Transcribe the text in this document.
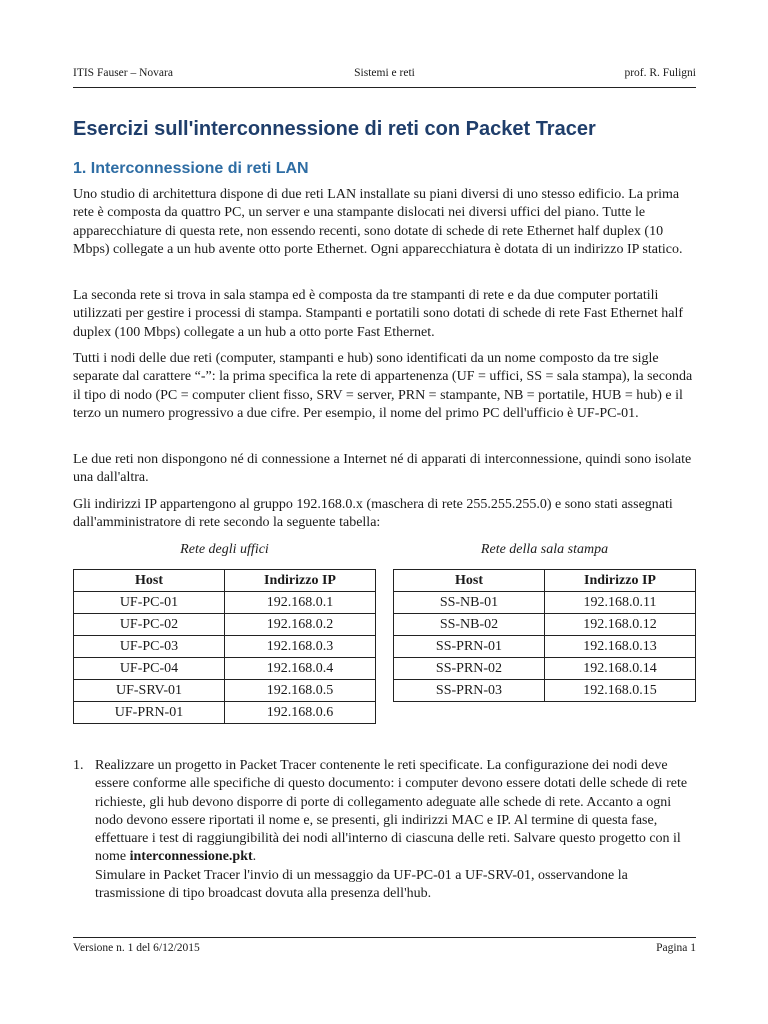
ITIS Fauser – Novara	Sistemi e reti	prof. R. Fuligni
Esercizi sull'interconnessione di reti con Packet Tracer
1. Interconnessione di reti LAN

Uno studio di architettura dispone di due reti LAN installate su piani diversi di uno stesso edificio. La prima rete è composta da quattro PC, un server e una stampante dislocati nei diversi uffici del piano. Tutte le apparecchiature di questa rete, non essendo recenti, sono dotate di schede di rete Ethernet half duplex (10 Mbps) collegate a un hub avente otto porte Ethernet. Ogni apparecchiatura è dotata di un indirizzo IP statico.

La seconda rete si trova in sala stampa ed è composta da tre stampanti di rete e da due computer portatili utilizzati per gestire i processi di stampa. Stampanti e portatili sono dotati di schede di rete Fast Ethernet half duplex (100 Mbps) collegate a un hub a otto porte Fast Ethernet.

Tutti i nodi delle due reti (computer, stampanti e hub) sono identificati da un nome composto da tre sigle separate dal carattere “-”: la prima specifica la rete di appartenenza (UF = uffici, SS = sala stampa), la seconda il tipo di nodo (PC = computer client fisso, SRV = server, PRN = stampante, NB = portatile, HUB = hub) e il terzo un numero progressivo a due cifre. Per esempio, il nome del primo PC dell'ufficio è UF-PC-01.

Le due reti non dispongono né di connessione a Internet né di apparati di interconnessione, quindi sono isolate una dall'altra.

Gli indirizzi IP appartengono al gruppo 192.168.0.x (maschera di rete 255.255.255.0) e sono stati assegnati dall'amministratore di rete secondo la seguente tabella:

Rete degli uffici	Rete della sala stampa
Host	Indirizzo IP
UF-PC-01	192.168.0.1
UF-PC-02	192.168.0.2
UF-PC-03	192.168.0.3
UF-PC-04	192.168.0.4
UF-SRV-01	192.168.0.5
UF-PRN-01	192.168.0.6
Host	Indirizzo IP
SS-NB-01	192.168.0.11
SS-NB-02	192.168.0.12
SS-PRN-01	192.168.0.13
SS-PRN-02	192.168.0.14
SS-PRN-03	192.168.0.15
1. Realizzare un progetto in Packet Tracer contenente le reti specificate. La configurazione dei nodi deve essere conforme alle specifiche di questo documento: i computer devono essere dotati delle schede di rete richieste, gli hub devono disporre di porte di collegamento adeguate alle schede di rete. Accanto a ogni nodo devono essere riportati il nome e, se presenti, gli indirizzi MAC e IP. Al termine di questa fase, effettuare i test di raggiungibilità dei nodi all'interno di ciascuna delle reti. Salvare questo progetto con il nome interconnessione.pkt.
Simulare in Packet Tracer l'invio di un messaggio da UF-PC-01 a UF-SRV-01, osservandone la trasmissione di tipo broadcast dovuta alla presenza dell'hub.
Versione n. 1 del 6/12/2015	Pagina 1
